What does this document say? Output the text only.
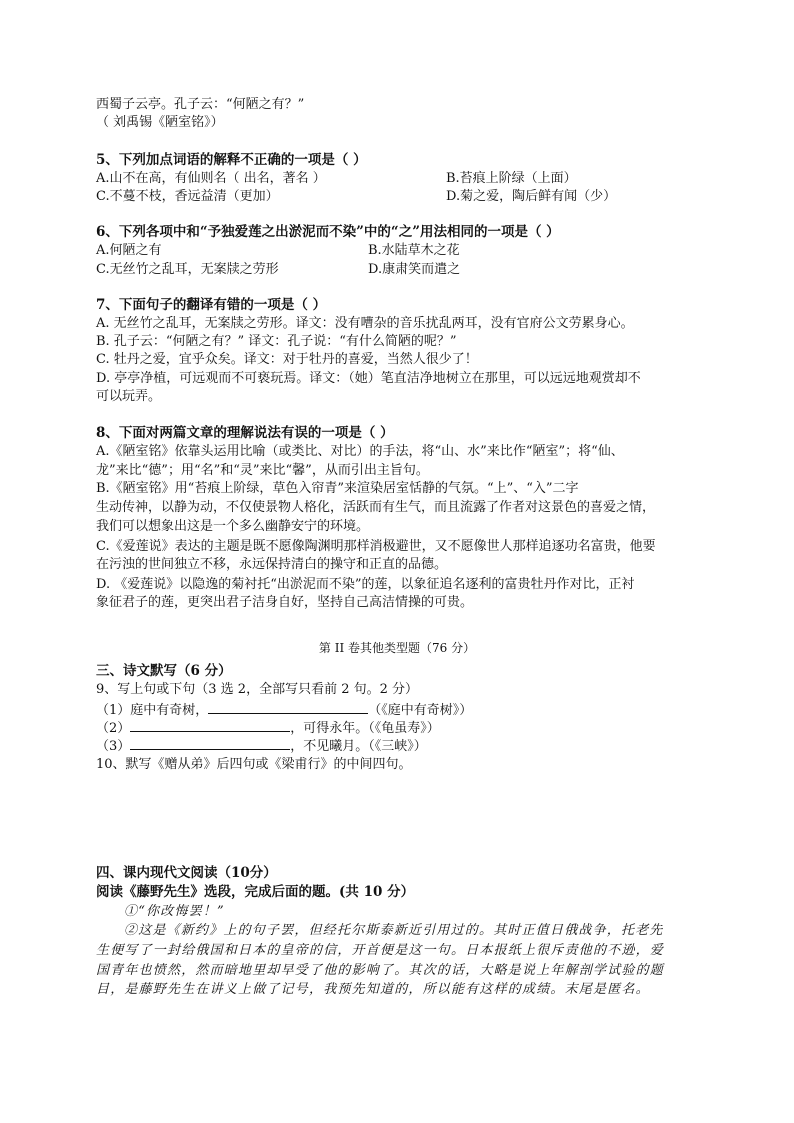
西蜀子云亭。孔子云：“何陋之有？”
（ 刘禹锡《陋室铭》）
5、下列加点词语的解释不正确的一项是（ ）
A.山不在高，有仙则名（ 出名，著名 ）	B.苔痕上阶绿（上面）
C.不蔓不枝，香远益清（更加）	D.菊之爱，陶后鲜有闻（少）
6、下列各项中和“予独爱莲之出淤泥而不染”中的“之”用法相同的一项是（ ）
A.何陋之有	B.水陆草木之花
C.无丝竹之乱耳，无案牍之劳形	D.康肃笑而遣之
7、下面句子的翻译有错的一项是（ ）
A. 无丝竹之乱耳，无案牍之劳形。译文：没有嘈杂的音乐扰乱两耳，没有官府公文劳累身心。
B. 孔子云：“何陋之有？” 译文：孔子说：“有什么简陋的呢？”
C. 牡丹之爱，宜乎众矣。译文：对于牡丹的喜爱，当然人很少了！
D. 亭亭净植，可远观而不可亵玩焉。译文：（她）笔直洁净地树立在那里，可以远远地观赏却不
可以玩弄。
8、下面对两篇文章的理解说法有误的一项是（ ）
A.《陋室铭》依靠头运用比喻（或类比、对比）的手法，将“山、水”来比作“陋室”；将“仙、
龙”来比“德”；用“名”和“灵”来比“馨”，从而引出主旨句。
B.《陋室铭》用“苔痕上阶绿，草色入帘青”来渲染居室恬静的气氛。“上”、“入”二字
生动传神，以静为动，不仅使景物人格化，活跃而有生气，而且流露了作者对这景色的喜爱之情，
我们可以想象出这是一个多么幽静安宁的环境。
C.《爱莲说》表达的主题是既不愿像陶渊明那样消极避世，又不愿像世人那样追逐功名富贵，他要
在污浊的世间独立不移，永远保持清白的操守和正直的品德。
D. 《爱莲说》以隐逸的菊衬托“出淤泥而不染”的莲，以象征追名逐利的富贵牡丹作对比，正衬
象征君子的莲，更突出君子洁身自好，坚持自己高洁情操的可贵。
第 II 卷其他类型题（76 分）
三、诗文默写（6 分）
9、写上句或下句（3 选 2，全部写只看前 2 句。2 分）
（1）庭中有奇树，	（《庭中有奇树》）
（2）	，可得永年。（《龟虽寿》）
（3）	，不见曦月。（《三峡》）
10、默写《赠从弟》后四句或《梁甫行》的中间四句。
四、课内现代文阅读（10分）
阅读《藤野先生》选段，完成后面的题。(共 10 分）
①“你改悔罢！”
②这是《新约》上的句子罢，但经托尔斯泰新近引用过的。其时正值日俄战争，托老先
生便写了一封给俄国和日本的皇帝的信，开首便是这一句。日本报纸上很斥责他的不逊，爱
国青年也愤然，然而暗地里却早受了他的影响了。其次的话，大略是说上年解剖学试验的题
目，是藤野先生在讲义上做了记号，我预先知道的，所以能有这样的成绩。末尾是匿名。
